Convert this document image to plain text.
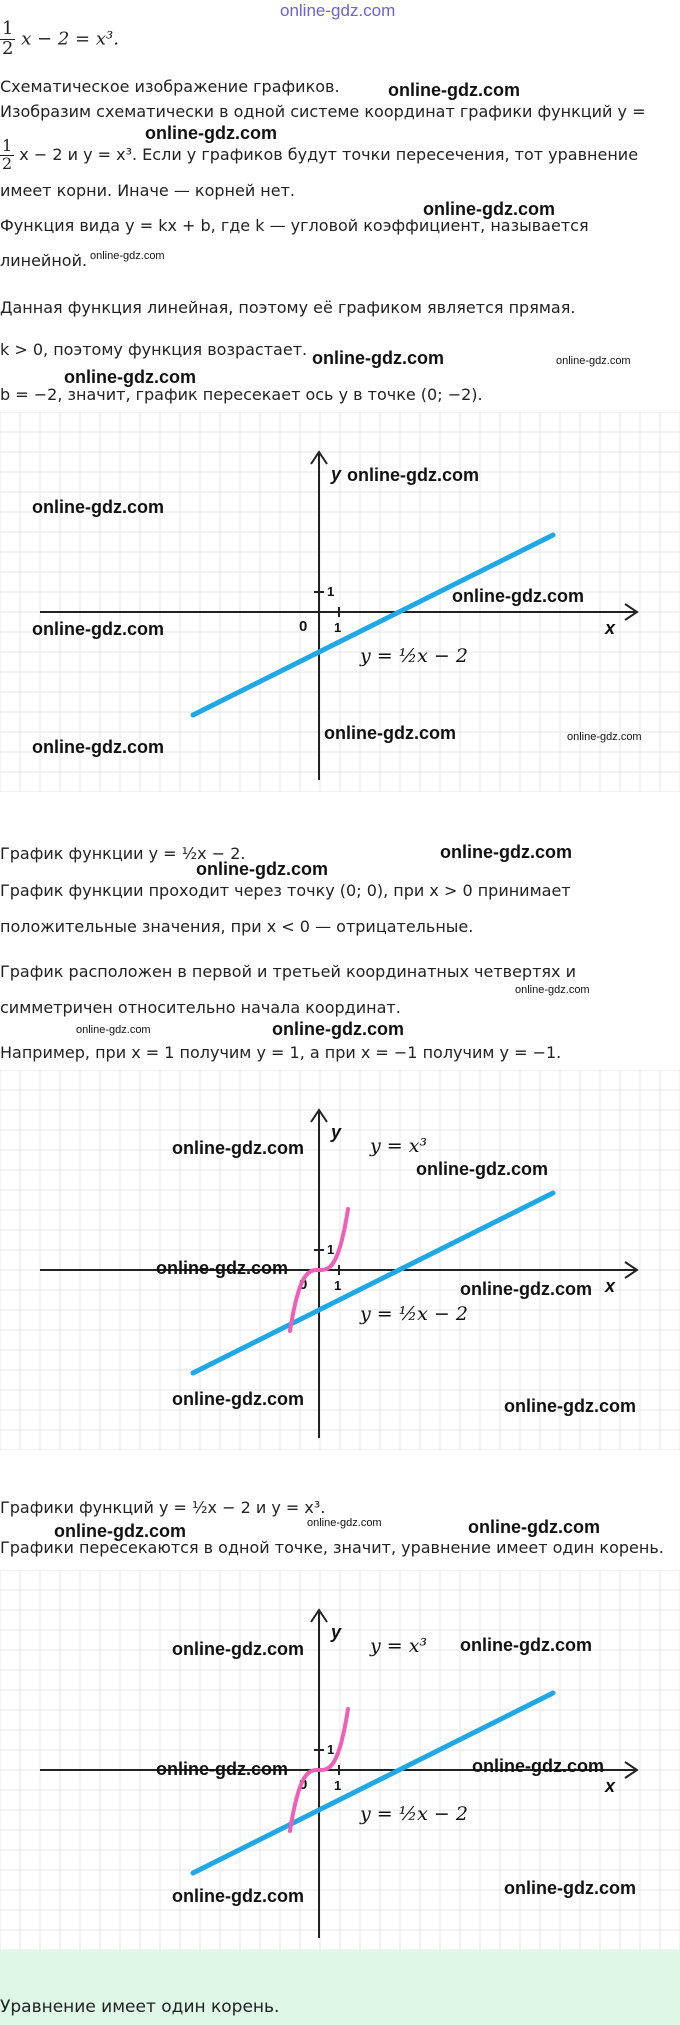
online-gdz.com
$\frac{1}{2}$ x − 2 = x³.
Схематическое изображение графиков.	online-gdz.com
Изобразим схематически в одной системе координат графики функций y =
online-gdz.com
$\frac{1}{2}$ x − 2 и y = x³. Если у графиков будут точки пересечения, тот уравнение
имеет корни. Иначе — корней нет.
online-gdz.com
Функция вида y = kx + b, где k — угловой коэффициент, называется
линейной. online-gdz.com
Данная функция линейная, поэтому её графиком является прямая.
k > 0, поэтому функция возрастает. online-gdz.com	online-gdz.com
online-gdz.com
b = −2, значит, график пересекает ось y в точке (0; −2).
y
x
0 1
1
y = ½x − 2
online-gdz.com
online-gdz.com
online-gdz.com
online-gdz.com
online-gdz.com	online-gdz.com
online-gdz.com
График функции y = ½x − 2.	online-gdz.com
online-gdz.com
График функции проходит через точку (0; 0), при x > 0 принимает
положительные значения, при x < 0 — отрицательные.
График расположен в первой и третьей координатных четвертях и
online-gdz.com
симметричен относительно начала координат.
online-gdz.com	online-gdz.com
Например, при x = 1 получим y = 1, а при x = −1 получим y = −1.
y
x
0 1
1
y = ½x − 2
y = x³
online-gdz.com
online-gdz.com
online-gdz.com
online-gdz.com
online-gdz.com	online-gdz.com
Графики функций y = ½x − 2 и y = x³.
online-gdz.com
online-gdz.com	online-gdz.com
Графики пересекаются в одной точке, значит, уравнение имеет один корень.
y
x
0 1
1
y = ½x − 2
y = x³
online-gdz.com	online-gdz.com
online-gdz.com	online-gdz.com
online-gdz.com	online-gdz.com
Уравнение имеет один корень.
